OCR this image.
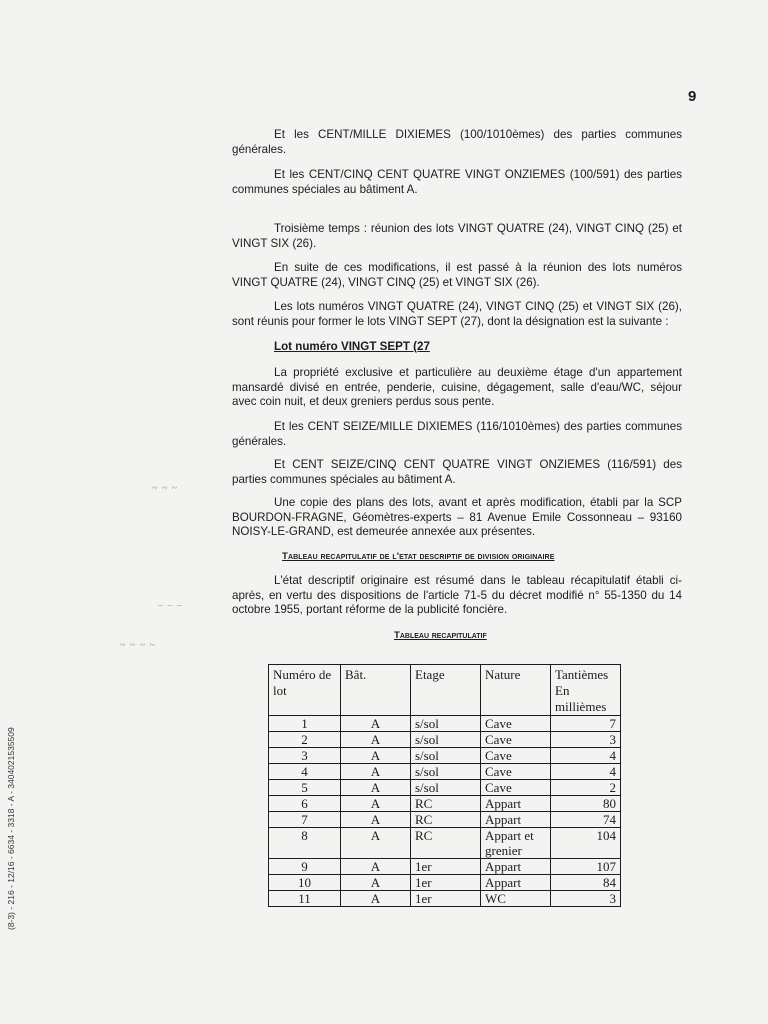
9

Et les CENT/MILLE DIXIEMES (100/1010èmes) des parties communes générales.

Et les CENT/CINQ CENT QUATRE VINGT ONZIEMES (100/591) des parties communes spéciales au bâtiment A.

Troisième temps : réunion des lots VINGT QUATRE (24), VINGT CINQ (25) et VINGT SIX (26).

En suite de ces modifications, il est passé à la réunion des lots numéros VINGT QUATRE (24), VINGT CINQ (25) et VINGT SIX (26).

Les lots numéros VINGT QUATRE (24), VINGT CINQ (25) et VINGT SIX (26), sont réunis pour former le lots VINGT SEPT (27), dont la désignation est la suivante :

Lot numéro VINGT SEPT (27

La propriété exclusive et particulière au deuxième étage d'un appartement mansardé divisé en entrée, penderie, cuisine, dégagement, salle d'eau/WC, séjour avec coin nuit, et deux greniers perdus sous pente.

Et les CENT SEIZE/MILLE DIXIEMES (116/1010èmes) des parties communes générales.

Et CENT SEIZE/CINQ CENT QUATRE VINGT ONZIEMES (116/591) des parties communes spéciales au bâtiment A.

Une copie des plans des lots, avant et après modification, établi par la SCP BOURDON-FRAGNE, Géomètres-experts – 81 Avenue Emile Cossonneau – 93160 NOISY-LE-GRAND, est demeurée annexée aux présentes.

Tableau recapitulatif de l'etat descriptif de division originaire

L'état descriptif originaire est résumé dans le tableau récapitulatif établi ci-après, en vertu des dispositions de l'article 71-5 du décret modifié n° 55-1350 du 14 octobre 1955, portant réforme de la publicité foncière.

Tableau recapitulatif
Numéro de lot	Bât.	Etage	Nature	Tantièmes En millièmes
1	A	s/sol	Cave	7
2	A	s/sol	Cave	3
3	A	s/sol	Cave	4
4	A	s/sol	Cave	4
5	A	s/sol	Cave	2
6	A	RC	Appart	80
7	A	RC	Appart	74
8	A	RC	Appart et grenier	104
9	A	1er	Appart	107
10	A	1er	Appart	84
11	A	1er	WC	3
~ ~ ~
_ _ _
~ ~ ~ ~
(8-3) - 216 - 12/16 - 6634 - 3318 - A - 3404021535509
